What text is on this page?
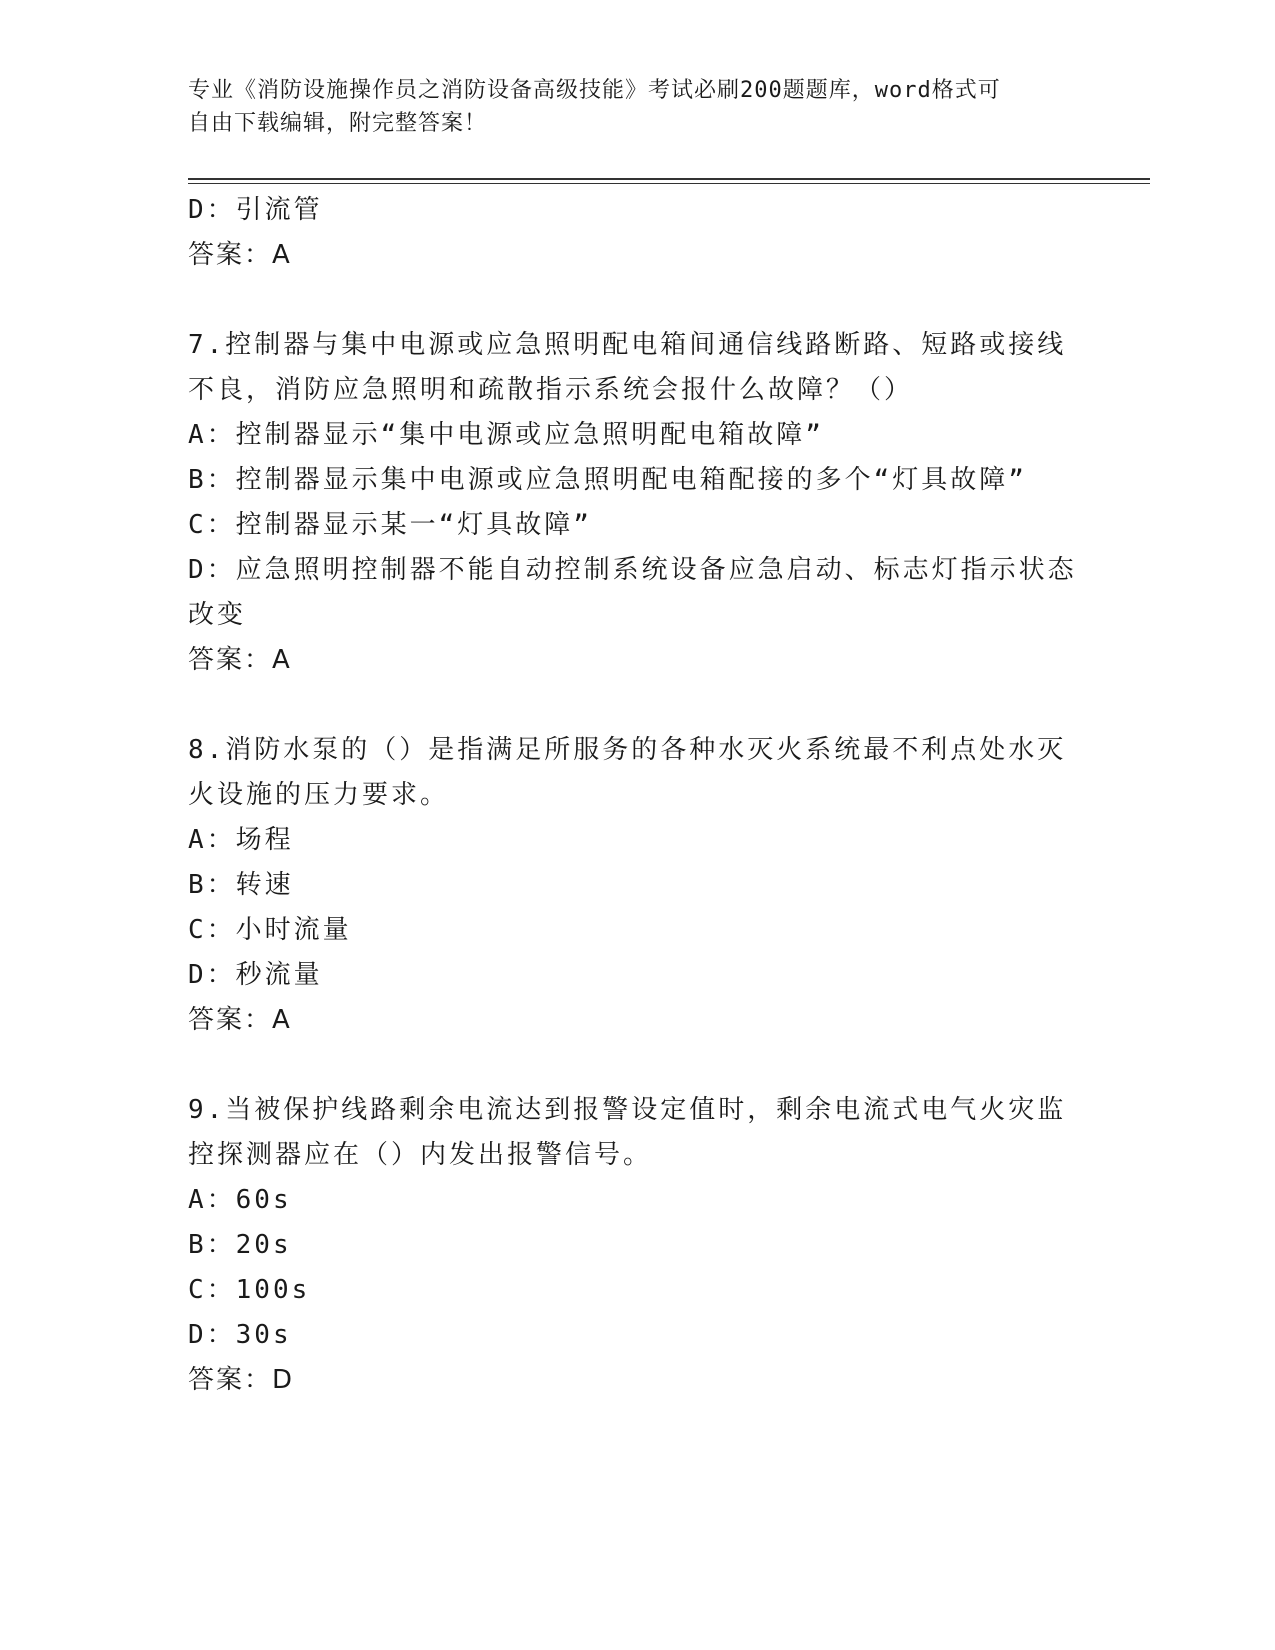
专业《消防设施操作员之消防设备高级技能》考试必刷200题题库，word格式可
自由下载编辑，附完整答案！
D：引流管
答案：A
7.控制器与集中电源或应急照明配电箱间通信线路断路、短路或接线
不良，消防应急照明和疏散指示系统会报什么故障？（）
A：控制器显示“集中电源或应急照明配电箱故障”
B：控制器显示集中电源或应急照明配电箱配接的多个“灯具故障”
C：控制器显示某一“灯具故障”
D：应急照明控制器不能自动控制系统设备应急启动、标志灯指示状态
改变
答案：A
8.消防水泵的（）是指满足所服务的各种水灭火系统最不利点处水灭
火设施的压力要求。
A：场程
B：转速
C：小时流量
D：秒流量
答案：A
9.当被保护线路剩余电流达到报警设定值时，剩余电流式电气火灾监
控探测器应在（）内发出报警信号。
A：60s
B：20s
C：100s
D：30s
答案：D
